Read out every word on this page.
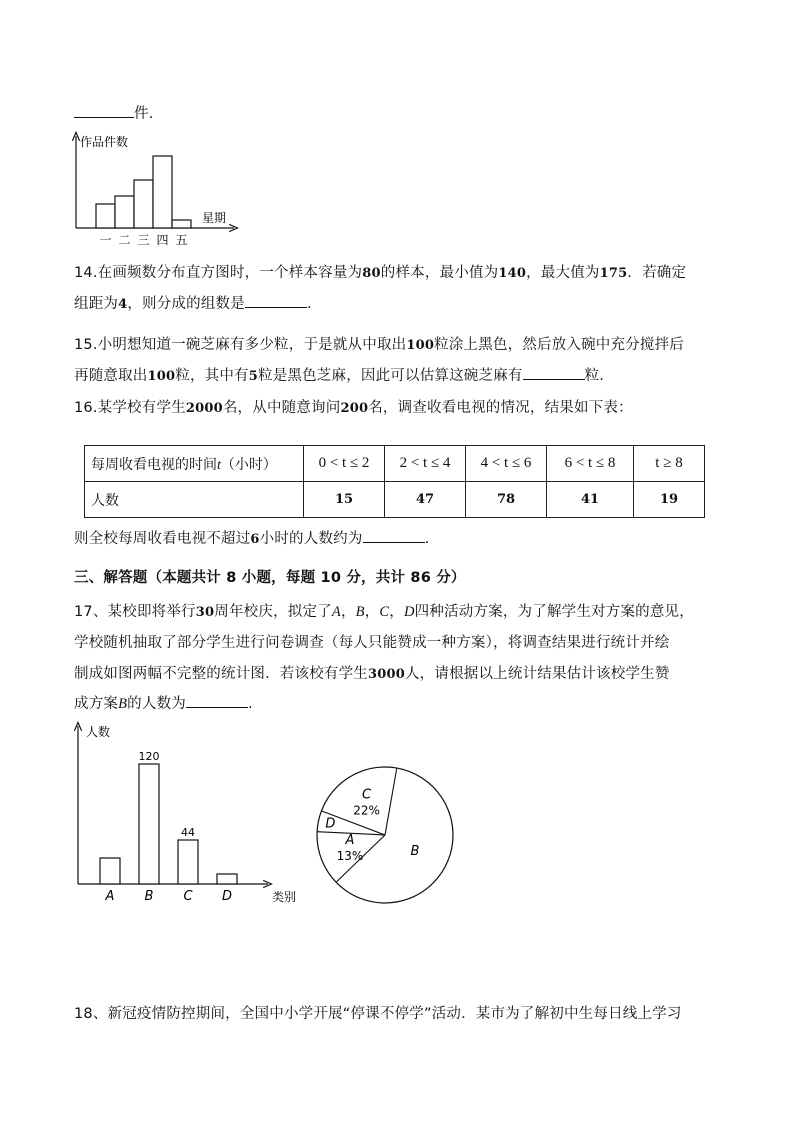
件.
作品件数
星期
一 二 三 四 五
14.在画频数分布直方图时，一个样本容量为80的样本，最小值为140，最大值为175．若确定
组距为4，则分成的组数是	．
15.小明想知道一碗芝麻有多少粒，于是就从中取出100粒涂上黑色，然后放入碗中充分搅拌后
再随意取出100粒，其中有5粒是黑色芝麻，因此可以估算这碗芝麻有	粒.
16.某学校有学生2000名，从中随意询问200名，调查收看电视的情况，结果如下表：
每周收看电视的时间t（小时）	0 < t ≤ 2	2 < t ≤ 4	4 < t ≤ 6	6 < t ≤ 8	t ≥ 8
人数	15	47	78	41	19
则全校每周收看电视不超过6小时的人数约为	.
三、解答题（本题共计 8 小题，每题 10 分，共计 86 分）
17、某校即将举行30周年校庆，拟定了A，B，C，D四种活动方案，为了解学生对方案的意见，
学校随机抽取了部分学生进行问卷调查（每人只能赞成一种方案），将调查结果进行统计并绘
制成如图两幅不完整的统计图．若该校有学生3000人，请根据以上统计结果估计该校学生赞
成方案B的人数为	.
人数
类别
120
44
A B C D
B
A
13%
D
C
22%
18、新冠疫情防控期间，全国中小学开展“停课不停学”活动．某市为了解初中生每日线上学习
